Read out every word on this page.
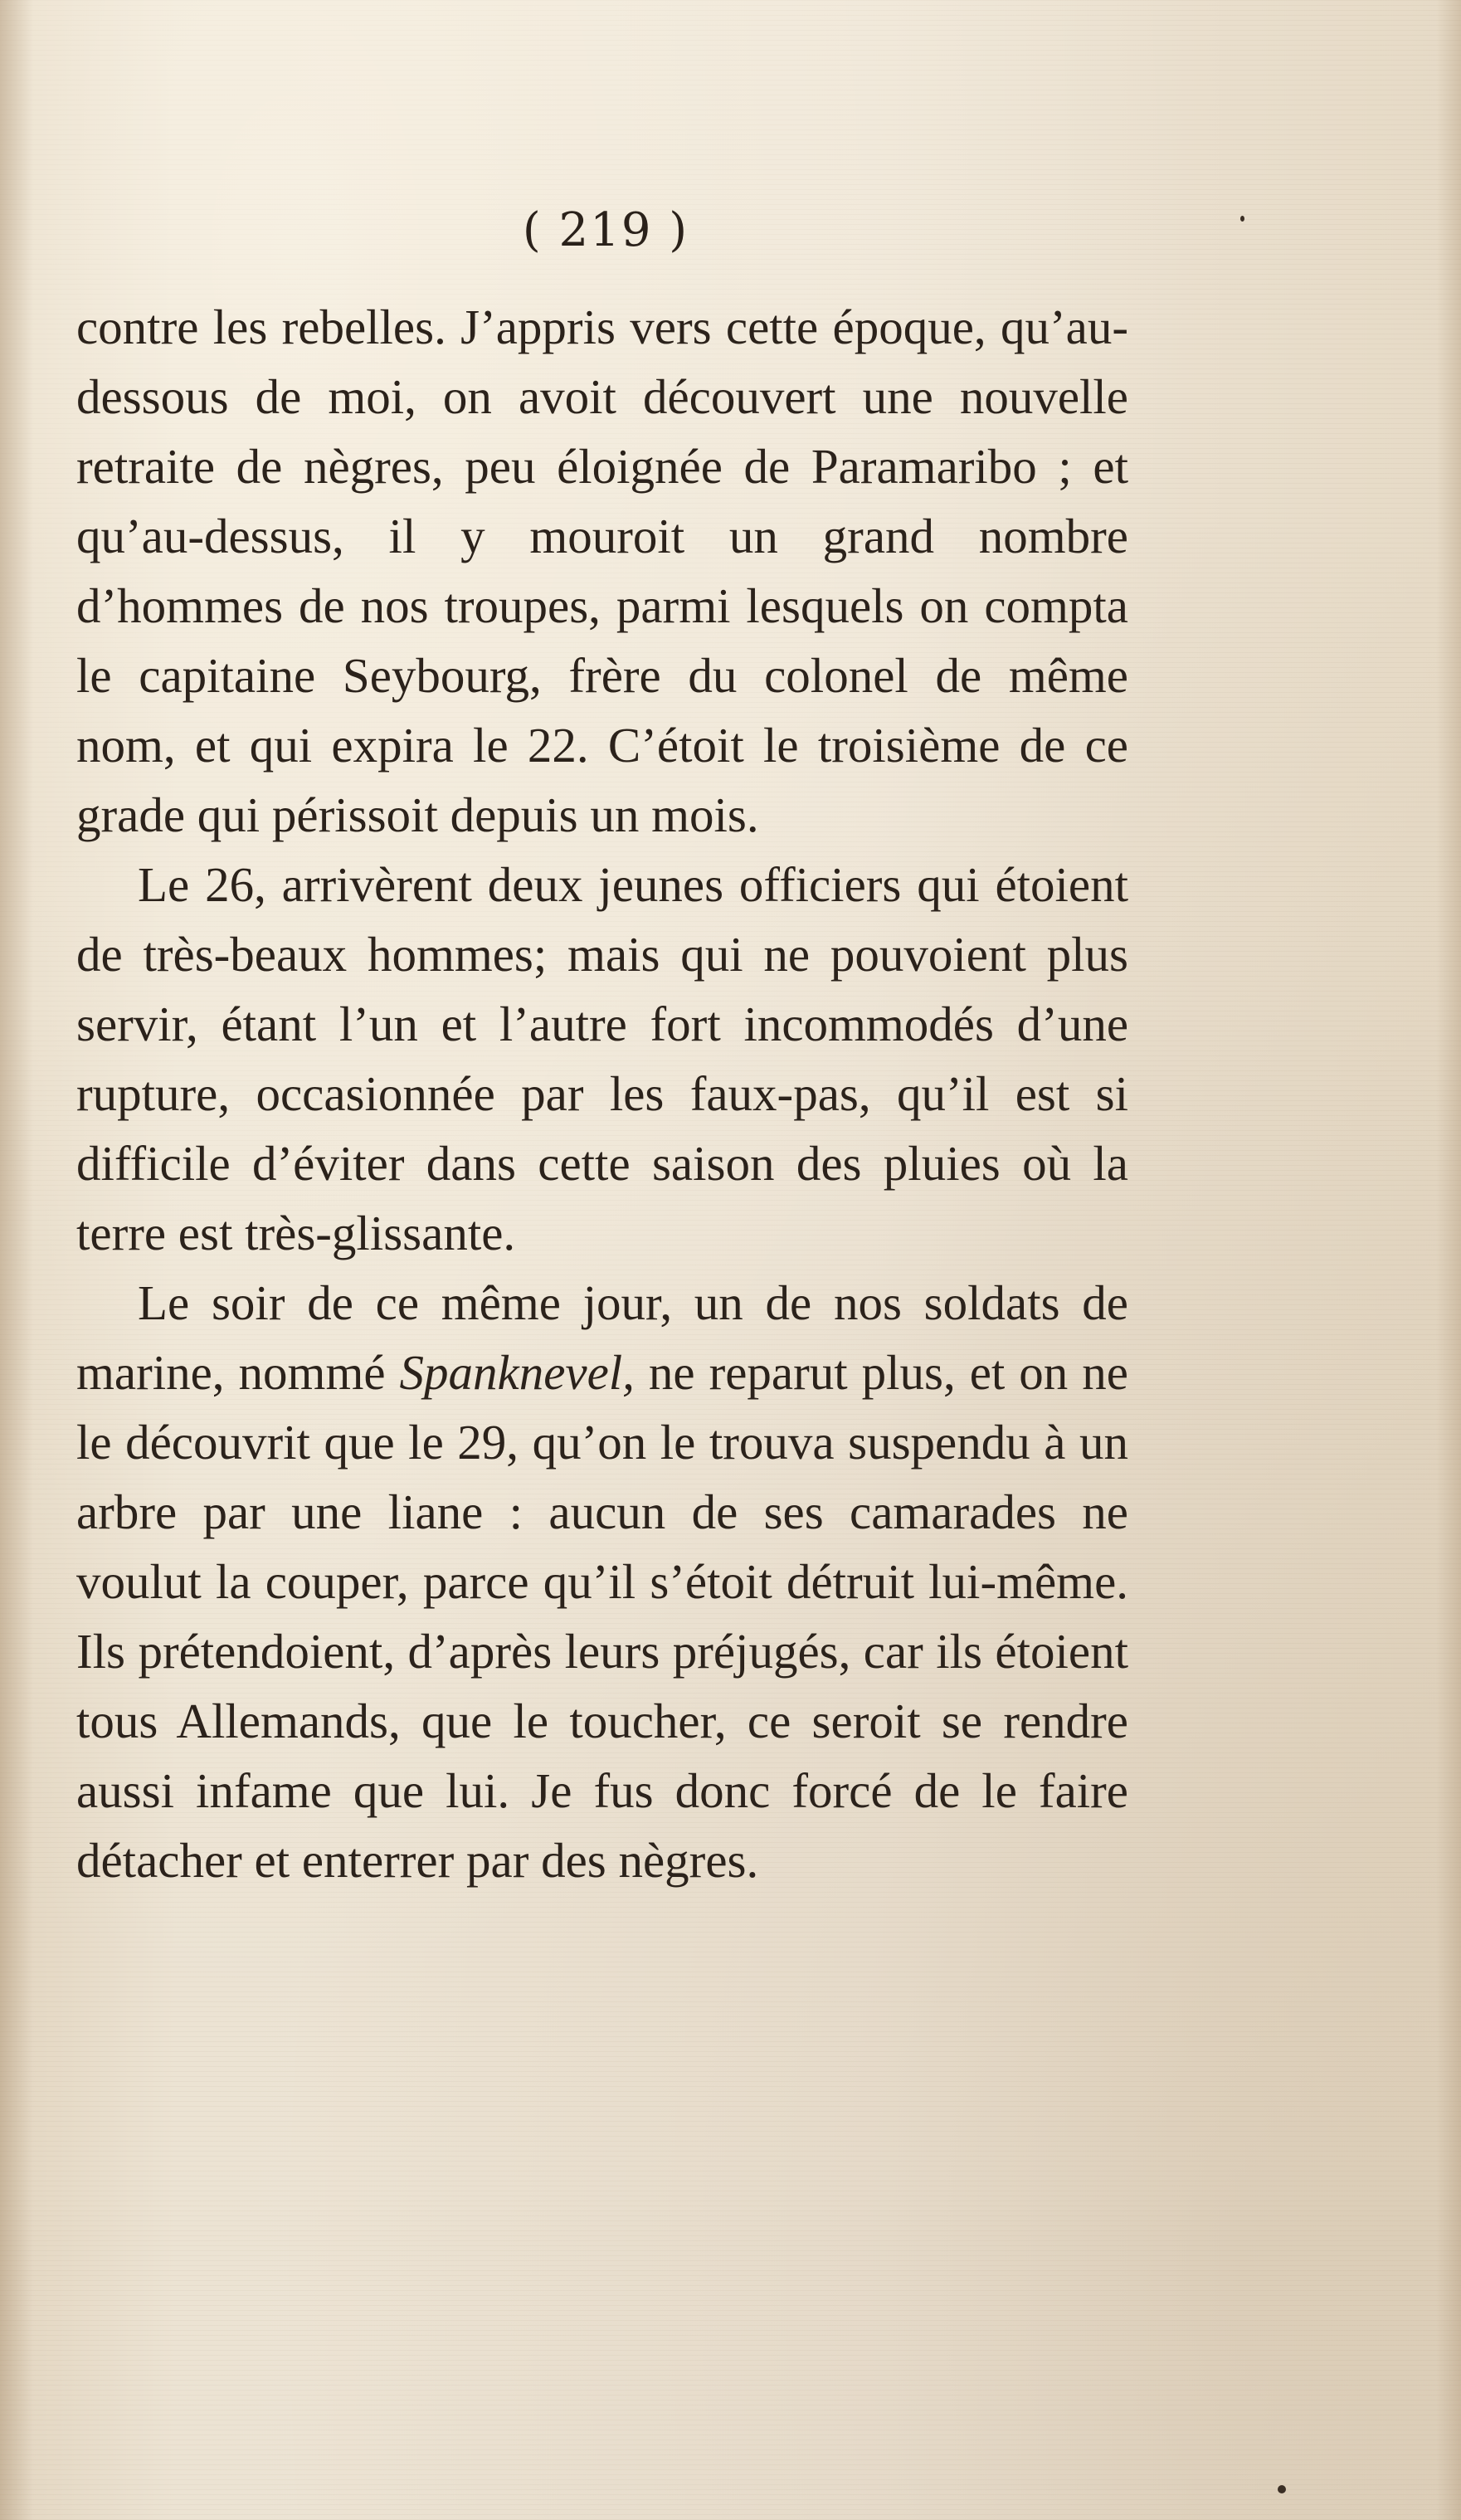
( 219 )

contre les rebelles. J’appris vers cette époque, qu’au-dessous de moi, on avoit découvert une nouvelle retraite de nègres, peu éloignée de Paramaribo ; et qu’au-dessus, il y mouroit un grand nombre d’hommes de nos troupes, parmi lesquels on compta le capitaine Seybourg, frère du colonel de même nom, et qui expira le 22. C’étoit le troisième de ce grade qui périssoit depuis un mois.

Le 26, arrivèrent deux jeunes officiers qui étoient de très-beaux hommes; mais qui ne pouvoient plus servir, étant l’un et l’autre fort incommodés d’une rupture, occasionnée par les faux-pas, qu’il est si difficile d’éviter dans cette saison des pluies où la terre est très-glissante.

Le soir de ce même jour, un de nos soldats de marine, nommé Spanknevel, ne reparut plus, et on ne le découvrit que le 29, qu’on le trouva suspendu à un arbre par une liane : aucun de ses camarades ne voulut la couper, parce qu’il s’étoit détruit lui-même. Ils prétendoient, d’après leurs préjugés, car ils étoient tous Allemands, que le toucher, ce seroit se rendre aussi infame que lui. Je fus donc forcé de le faire détacher et enterrer par des nègres.
